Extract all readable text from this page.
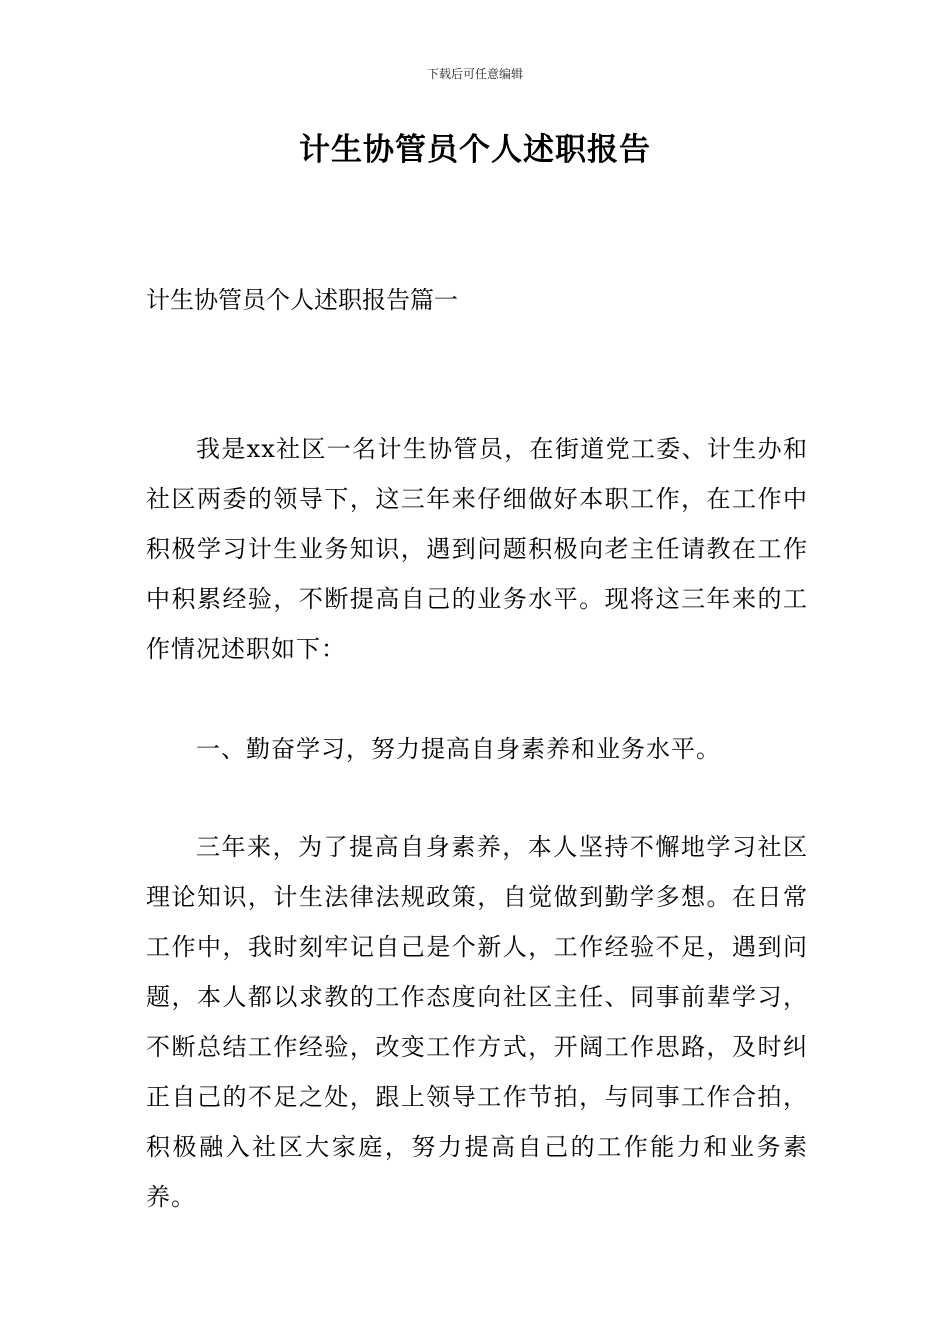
下载后可任意编辑
计生协管员个人述职报告
计生协管员个人述职报告篇一

我是xx社区一名计生协管员，在街道党工委、计生办和社区两委的领导下，这三年来仔细做好本职工作，在工作中积极学习计生业务知识，遇到问题积极向老主任请教在工作中积累经验，不断提高自己的业务水平。现将这三年来的工作情况述职如下：

一、勤奋学习，努力提高自身素养和业务水平。

三年来，为了提高自身素养，本人坚持不懈地学习社区理论知识，计生法律法规政策，自觉做到勤学多想。在日常工作中，我时刻牢记自己是个新人，工作经验不足，遇到问题，本人都以求教的工作态度向社区主任、同事前辈学习，不断总结工作经验，改变工作方式，开阔工作思路，及时纠正自己的不足之处，跟上领导工作节拍，与同事工作合拍，积极融入社区大家庭，努力提高自己的工作能力和业务素养。
